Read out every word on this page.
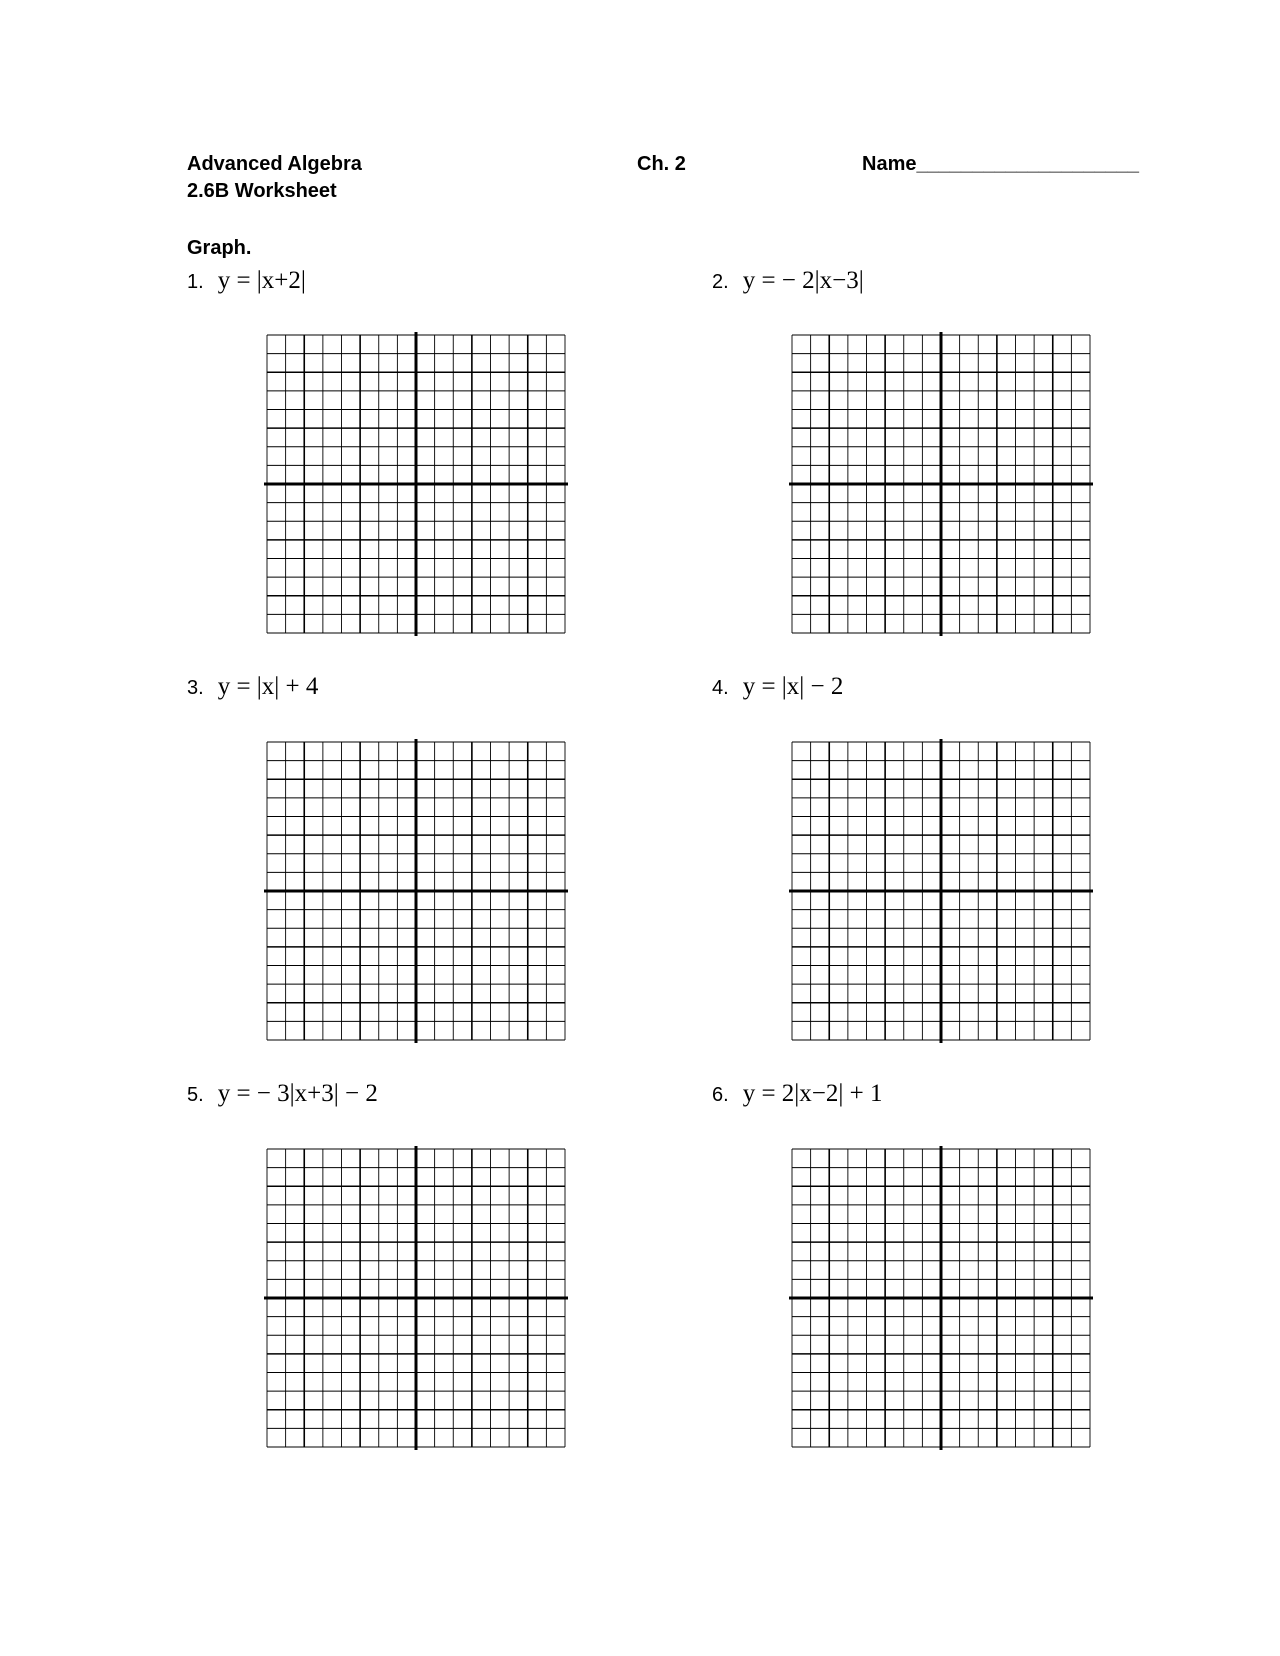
Advanced Algebra
2.6B Worksheet
Ch. 2	Name____________________
Graph.
1. y = |x+2|	2. y = − 2|x−3|
3. y = |x| + 4	4. y = |x| − 2
5. y = − 3|x+3| − 2	6. y = 2|x−2| + 1
